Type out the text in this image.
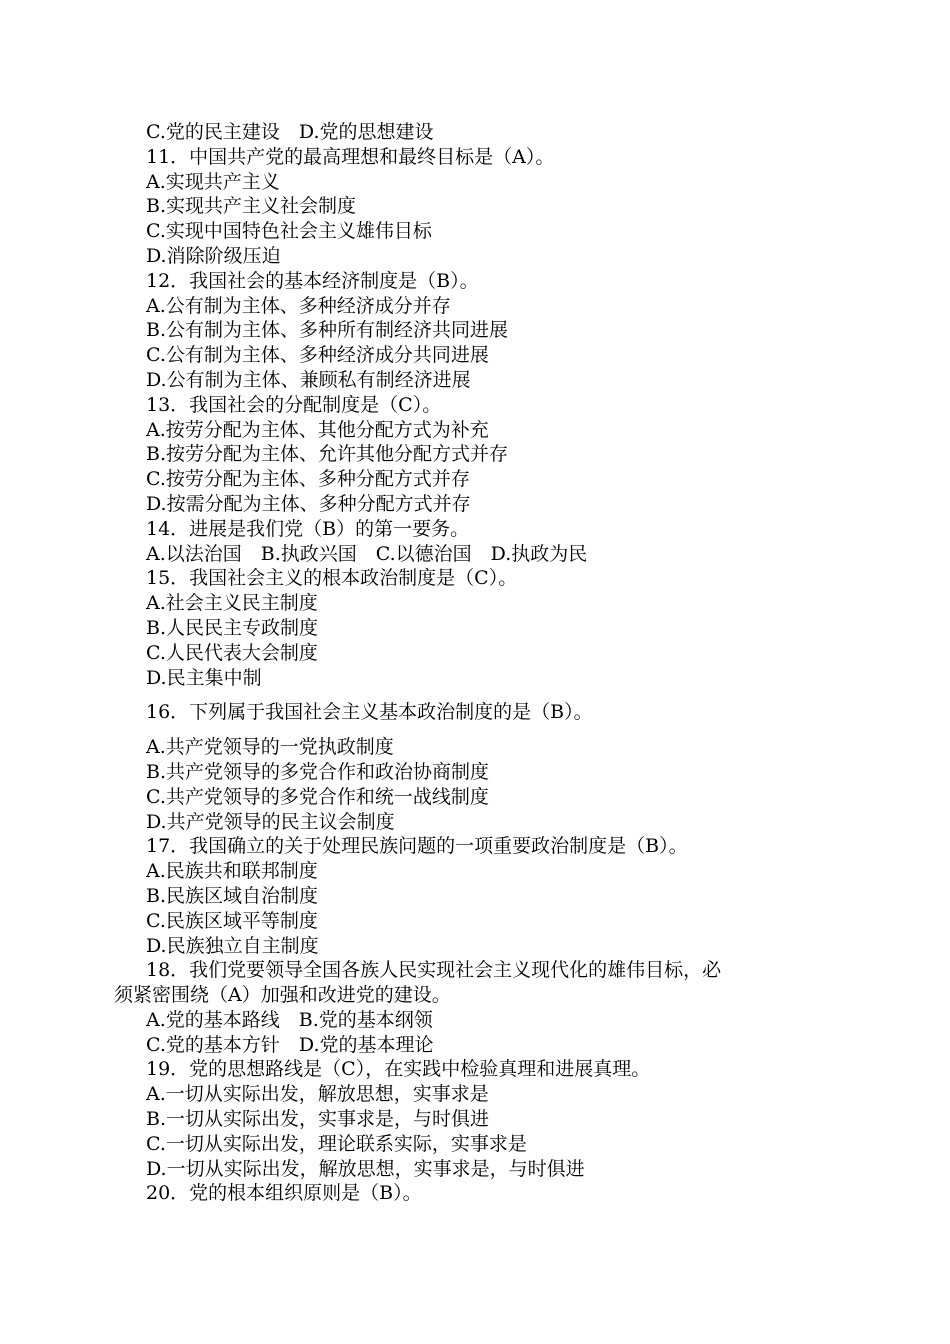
C.党的民主建设　D.党的思想建设
11．中国共产党的最高理想和最终目标是（A）。
A.实现共产主义
B.实现共产主义社会制度
C.实现中国特色社会主义雄伟目标
D.消除阶级压迫
12．我国社会的基本经济制度是（B）。
A.公有制为主体、多种经济成分并存
B.公有制为主体、多种所有制经济共同进展
C.公有制为主体、多种经济成分共同进展
D.公有制为主体、兼顾私有制经济进展
13．我国社会的分配制度是（C）。
A.按劳分配为主体、其他分配方式为补充
B.按劳分配为主体、允许其他分配方式并存
C.按劳分配为主体、多种分配方式并存
D.按需分配为主体、多种分配方式并存
14．进展是我们党（B）的第一要务。
A.以法治国　B.执政兴国　C.以德治国　D.执政为民
15．我国社会主义的根本政治制度是（C）。
A.社会主义民主制度
B.人民民主专政制度
C.人民代表大会制度
D.民主集中制
16．下列属于我国社会主义基本政治制度的是（B）。
A.共产党领导的一党执政制度
B.共产党领导的多党合作和政治协商制度
C.共产党领导的多党合作和统一战线制度
D.共产党领导的民主议会制度
17．我国确立的关于处理民族问题的一项重要政治制度是（B）。
A.民族共和联邦制度
B.民族区域自治制度
C.民族区域平等制度
D.民族独立自主制度
18．我们党要领导全国各族人民实现社会主义现代化的雄伟目标，必
须紧密围绕（A）加强和改进党的建设。
A.党的基本路线　B.党的基本纲领
C.党的基本方针　D.党的基本理论
19．党的思想路线是（C），在实践中检验真理和进展真理。
A.一切从实际出发，解放思想，实事求是
B.一切从实际出发，实事求是，与时俱进
C.一切从实际出发，理论联系实际，实事求是
D.一切从实际出发，解放思想，实事求是，与时俱进
20．党的根本组织原则是（B）。
